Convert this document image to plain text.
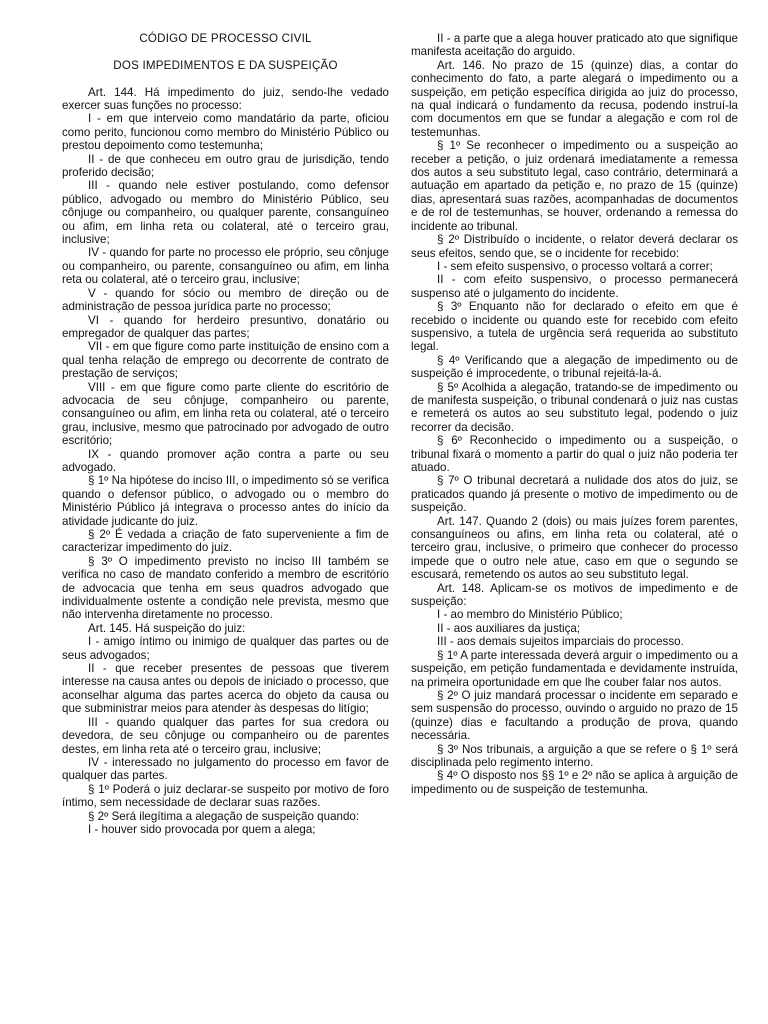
CÓDIGO DE PROCESSO CIVIL
DOS IMPEDIMENTOS E DA SUSPEIÇÃO

Art. 144. Há impedimento do juiz, sendo-lhe vedado exercer suas funções no processo:

I - em que interveio como mandatário da parte, oficiou como perito, funcionou como membro do Ministério Público ou prestou depoimento como testemunha;

II - de que conheceu em outro grau de jurisdição, tendo proferido decisão;

III - quando nele estiver postulando, como defensor público, advogado ou membro do Ministério Público, seu cônjuge ou companheiro, ou qualquer parente, consanguíneo ou afim, em linha reta ou colateral, até o terceiro grau, inclusive;

IV - quando for parte no processo ele próprio, seu cônjuge ou companheiro, ou parente, consanguíneo ou afim, em linha reta ou colateral, até o terceiro grau, inclusive;

V - quando for sócio ou membro de direção ou de administração de pessoa jurídica parte no processo;

VI - quando for herdeiro presuntivo, donatário ou empregador de qualquer das partes;

VII - em que figure como parte instituição de ensino com a qual tenha relação de emprego ou decorrente de contrato de prestação de serviços;

VIII - em que figure como parte cliente do escritório de advocacia de seu cônjuge, companheiro ou parente, consanguíneo ou afim, em linha reta ou colateral, até o terceiro grau, inclusive, mesmo que patrocinado por advogado de outro escritório;

IX - quando promover ação contra a parte ou seu advogado.

§ 1º Na hipótese do inciso III, o impedimento só se verifica quando o defensor público, o advogado ou o membro do Ministério Público já integrava o processo antes do início da atividade judicante do juiz.

§ 2º É vedada a criação de fato superveniente a fim de caracterizar impedimento do juiz.

§ 3º O impedimento previsto no inciso III também se verifica no caso de mandato conferido a membro de escritório de advocacia que tenha em seus quadros advogado que individualmente ostente a condição nele prevista, mesmo que não intervenha diretamente no processo.

Art. 145. Há suspeição do juiz:

I - amigo íntimo ou inimigo de qualquer das partes ou de seus advogados;

II - que receber presentes de pessoas que tiverem interesse na causa antes ou depois de iniciado o processo, que aconselhar alguma das partes acerca do objeto da causa ou que subministrar meios para atender às despesas do litígio;

III - quando qualquer das partes for sua credora ou devedora, de seu cônjuge ou companheiro ou de parentes destes, em linha reta até o terceiro grau, inclusive;

IV - interessado no julgamento do processo em favor de qualquer das partes.

§ 1º Poderá o juiz declarar-se suspeito por motivo de foro íntimo, sem necessidade de declarar suas razões.

§ 2º Será ilegítima a alegação de suspeição quando:

I - houver sido provocada por quem a alega;

II - a parte que a alega houver praticado ato que signifique manifesta aceitação do arguido.

Art. 146. No prazo de 15 (quinze) dias, a contar do conhecimento do fato, a parte alegará o impedimento ou a suspeição, em petição específica dirigida ao juiz do processo, na qual indicará o fundamento da recusa, podendo instruí-la com documentos em que se fundar a alegação e com rol de testemunhas.

§ 1º Se reconhecer o impedimento ou a suspeição ao receber a petição, o juiz ordenará imediatamente a remessa dos autos a seu substituto legal, caso contrário, determinará a autuação em apartado da petição e, no prazo de 15 (quinze) dias, apresentará suas razões, acompanhadas de documentos e de rol de testemunhas, se houver, ordenando a remessa do incidente ao tribunal.

§ 2º Distribuído o incidente, o relator deverá declarar os seus efeitos, sendo que, se o incidente for recebido:

I - sem efeito suspensivo, o processo voltará a correr;

II - com efeito suspensivo, o processo permanecerá suspenso até o julgamento do incidente.

§ 3º Enquanto não for declarado o efeito em que é recebido o incidente ou quando este for recebido com efeito suspensivo, a tutela de urgência será requerida ao substituto legal.

§ 4º Verificando que a alegação de impedimento ou de suspeição é improcedente, o tribunal rejeitá-la-á.

§ 5º Acolhida a alegação, tratando-se de impedimento ou de manifesta suspeição, o tribunal condenará o juiz nas custas e remeterá os autos ao seu substituto legal, podendo o juiz recorrer da decisão.

§ 6º Reconhecido o impedimento ou a suspeição, o tribunal fixará o momento a partir do qual o juiz não poderia ter atuado.

§ 7º O tribunal decretará a nulidade dos atos do juiz, se praticados quando já presente o motivo de impedimento ou de suspeição.

Art. 147. Quando 2 (dois) ou mais juízes forem parentes, consanguíneos ou afins, em linha reta ou colateral, até o terceiro grau, inclusive, o primeiro que conhecer do processo impede que o outro nele atue, caso em que o segundo se escusará, remetendo os autos ao seu substituto legal.

Art. 148. Aplicam-se os motivos de impedimento e de suspeição:

I - ao membro do Ministério Público;

II - aos auxiliares da justiça;

III - aos demais sujeitos imparciais do processo.

§ 1º A parte interessada deverá arguir o impedimento ou a suspeição, em petição fundamentada e devidamente instruída, na primeira oportunidade em que lhe couber falar nos autos.

§ 2º O juiz mandará processar o incidente em separado e sem suspensão do processo, ouvindo o arguido no prazo de 15 (quinze) dias e facultando a produção de prova, quando necessária.

§ 3º Nos tribunais, a arguição a que se refere o § 1º será disciplinada pelo regimento interno.

§ 4º O disposto nos §§ 1º e 2º não se aplica à arguição de impedimento ou de suspeição de testemunha.
